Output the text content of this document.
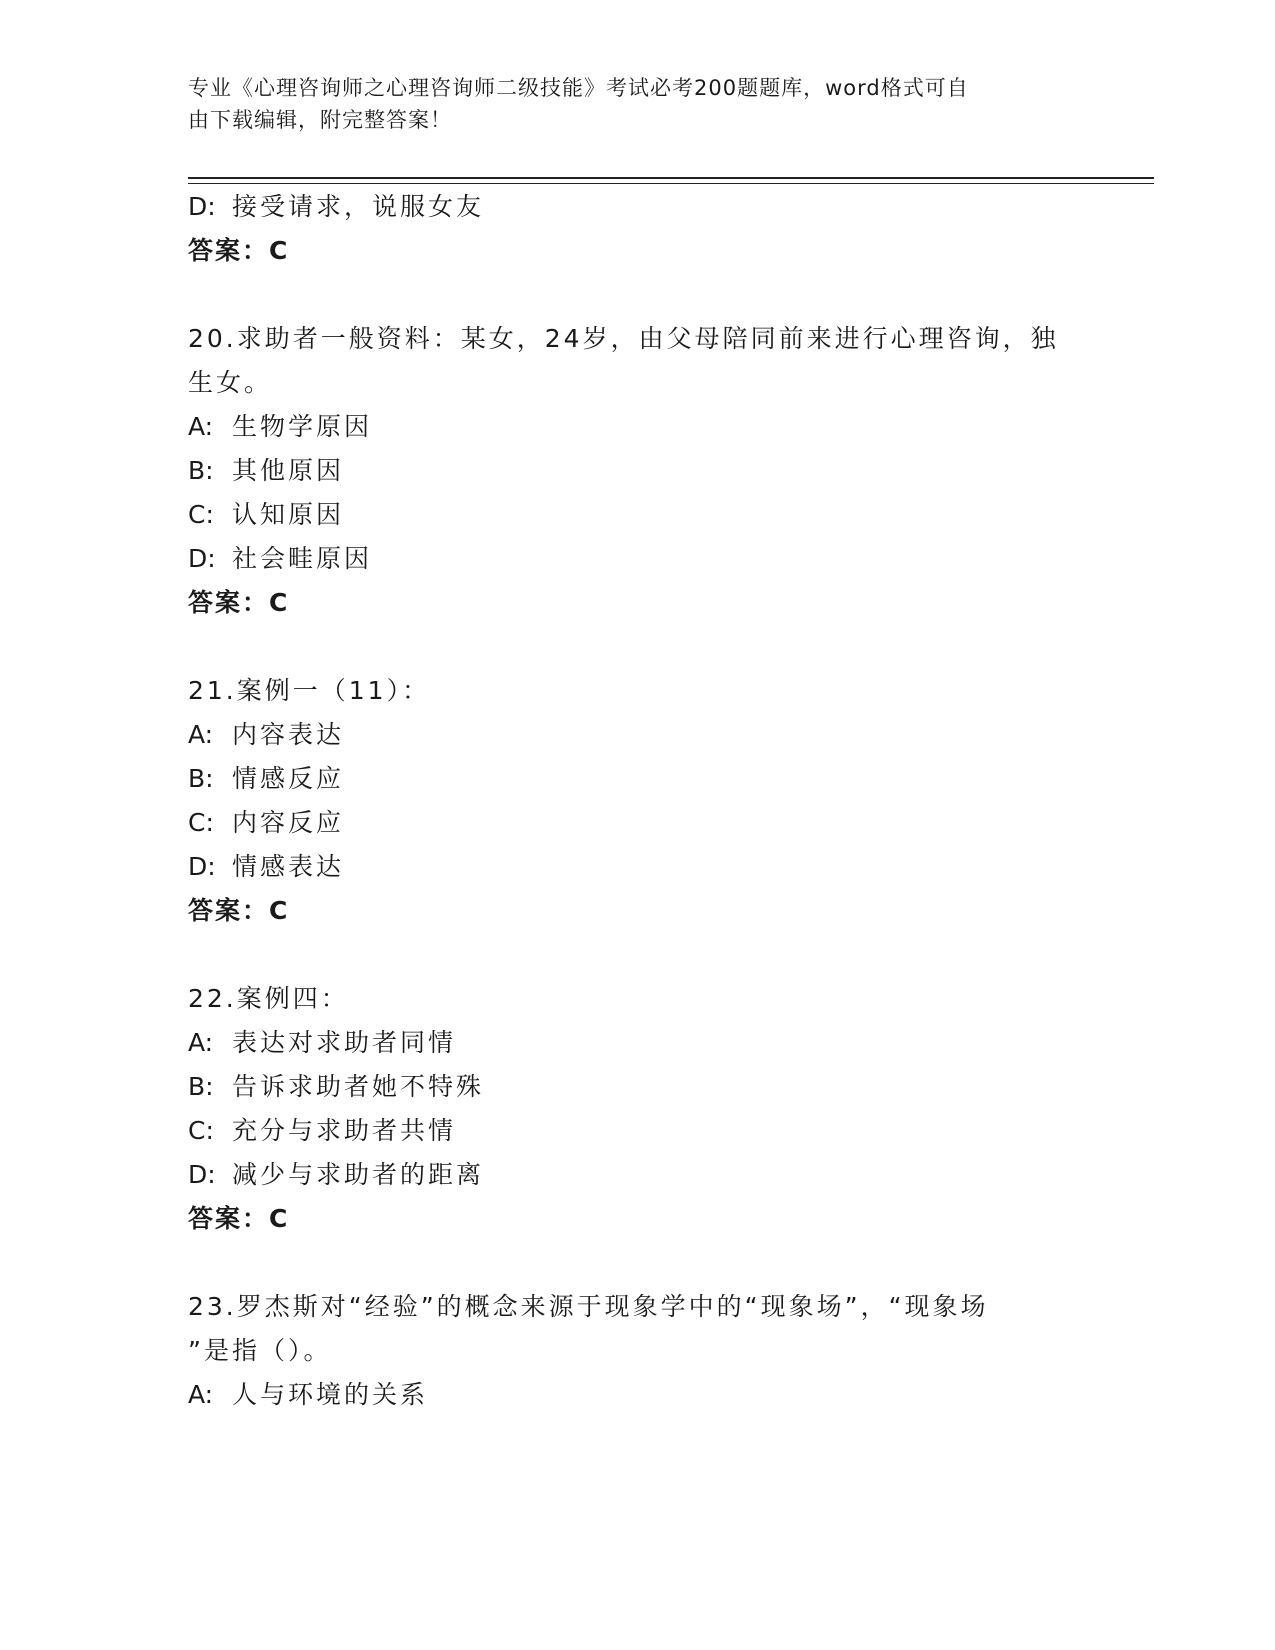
专业《心理咨询师之心理咨询师二级技能》考试必考200题题库，word格式可自
由下载编辑，附完整答案！
D: 接受请求，说服女友
答案：C
20.求助者一般资料：某女，24岁，由父母陪同前来进行心理咨询，独
生女。
A: 生物学原因
B: 其他原因
C: 认知原因
D: 社会畦原因
答案：C
21.案例一（11）：
A: 内容表达
B: 情感反应
C: 内容反应
D: 情感表达
答案：C
22.案例四：
A: 表达对求助者同情
B: 告诉求助者她不特殊
C: 充分与求助者共情
D: 减少与求助者的距离
答案：C
23.罗杰斯对“经验”的概念来源于现象学中的“现象场”，“现象场
”是指（）。
A: 人与环境的关系
